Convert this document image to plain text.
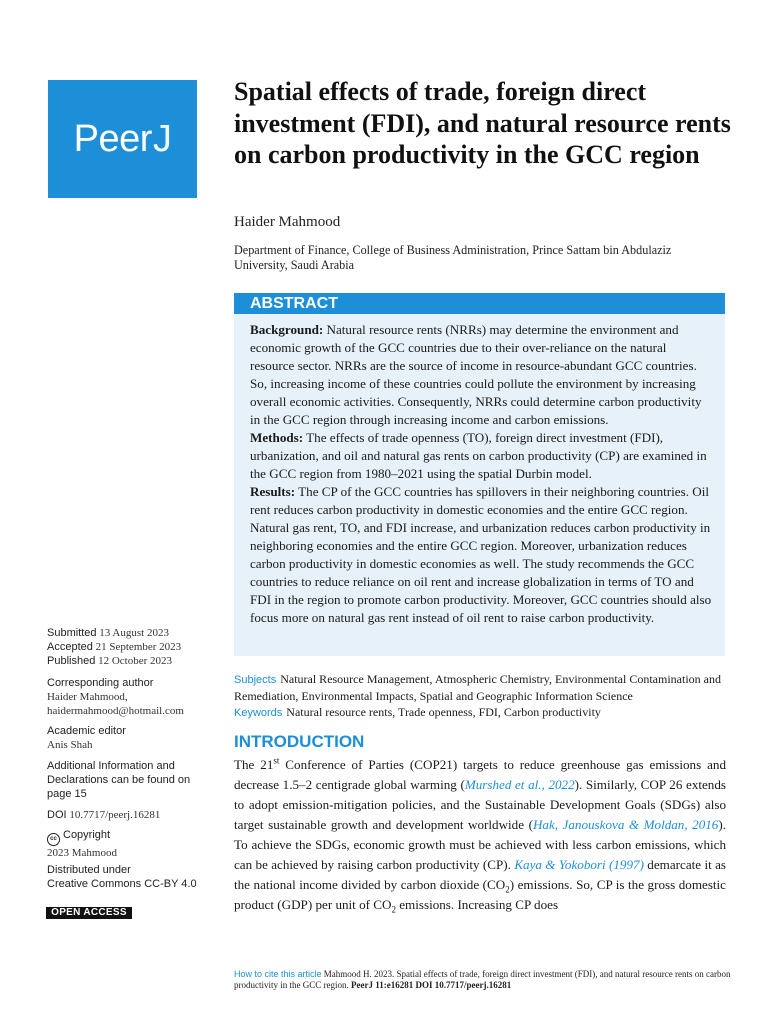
Peer J
Spatial effects of trade, foreign direct investment (FDI), and natural resource rents on carbon productivity in the GCC region
Haider Mahmood
Department of Finance, College of Business Administration, Prince Sattam bin Abdulaziz University, Saudi Arabia
ABSTRACT

Background: Natural resource rents (NRRs) may determine the environment and economic growth of the GCC countries due to their over-reliance on the natural resource sector. NRRs are the source of income in resource-abundant GCC countries. So, increasing income of these countries could pollute the environment by increasing overall economic activities. Consequently, NRRs could determine carbon productivity in the GCC region through increasing income and carbon emissions.

Methods: The effects of trade openness (TO), foreign direct investment (FDI), urbanization, and oil and natural gas rents on carbon productivity (CP) are examined in the GCC region from 1980–2021 using the spatial Durbin model.

Results: The CP of the GCC countries has spillovers in their neighboring countries. Oil rent reduces carbon productivity in domestic economies and the entire GCC region. Natural gas rent, TO, and FDI increase, and urbanization reduces carbon productivity in neighboring economies and the entire GCC region. Moreover, urbanization reduces carbon productivity in domestic economies as well. The study recommends the GCC countries to reduce reliance on oil rent and increase globalization in terms of TO and FDI in the region to promote carbon productivity. Moreover, GCC countries should also focus more on natural gas rent instead of oil rent to raise carbon productivity.

Subjects Natural Resource Management, Atmospheric Chemistry, Environmental Contamination and Remediation, Environmental Impacts, Spatial and Geographic Information Science
Keywords Natural resource rents, Trade openness, FDI, Carbon productivity
INTRODUCTION

The 21st Conference of Parties (COP21) targets to reduce greenhouse gas emissions and decrease 1.5–2 centigrade global warming (Murshed et al., 2022). Similarly, COP 26 extends to adopt emission-mitigation policies, and the Sustainable Development Goals (SDGs) also target sustainable growth and development worldwide (Hak, Janouskova & Moldan, 2016). To achieve the SDGs, economic growth must be achieved with less carbon emissions, which can be achieved by raising carbon productivity (CP). Kaya & Yokobori (1997) demarcate it as the national income divided by carbon dioxide $(CO_2)$ emissions. So, CP is the gross domestic product (GDP) per unit of $CO_2$ emissions. Increasing CP does

Submitted 13 August 2023
Accepted 21 September 2023
Published 12 October 2023
Corresponding author
Haider Mahmood,
haidermahmood@hotmail.com
Academic editor
Anis Shah
Additional Information and Declarations can be found on page 15
DOI 10.7717/peerj.16281
cc Copyright
2023 Mahmood
Distributed under
Creative Commons CC-BY 4.0
OPEN ACCESS
How to cite this article Mahmood H. 2023. Spatial effects of trade, foreign direct investment (FDI), and natural resource rents on carbon productivity in the GCC region. PeerJ 11:e16281 DOI 10.7717/peerj.16281
